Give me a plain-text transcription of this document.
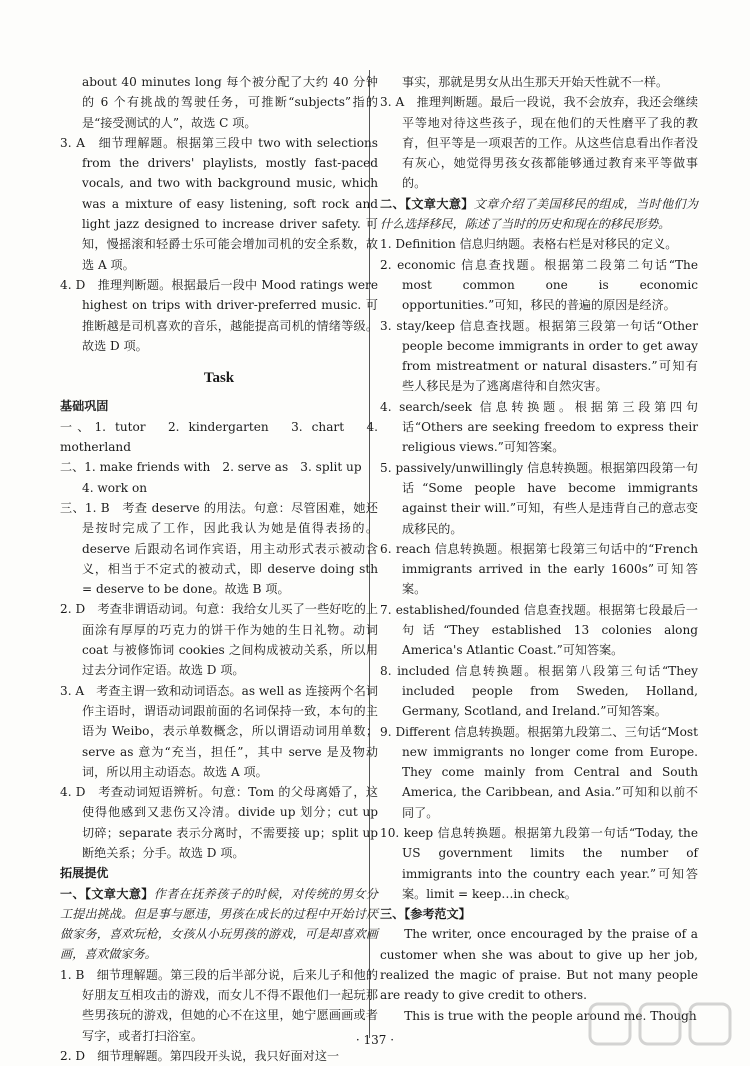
about 40 minutes long 每个被分配了大约 40 分钟的 6 个有挑战的驾驶任务，可推断“subjects”指的是“接受测试的人”，故选 C 项。

3. A　细节理解题。根据第三段中 two with selections from the drivers' playlists, mostly fast-paced vocals, and two with background music, which was a mixture of easy listening, soft rock and light jazz designed to increase driver safety. 可知，慢摇滚和轻爵士乐可能会增加司机的安全系数，故选 A 项。

4. D　推理判断题。根据最后一段中 Mood ratings were highest on trips with driver-preferred music. 可推断越是司机喜欢的音乐，越能提高司机的情绪等级。故选 D 项。

Task

基础巩固

一、1. tutor　2. kindergarten　3. chart　4. motherland

二、1. make friends with　2. serve as　3. split up

4. work on

三、1. B　考查 deserve 的用法。句意：尽管困难，她还是按时完成了工作，因此我认为她是值得表扬的。deserve 后跟动名词作宾语，用主动形式表示被动含义，相当于不定式的被动式，即 deserve doing sth = deserve to be done。故选 B 项。

2. D　考查非谓语动词。句意：我给女儿买了一些好吃的上面涂有厚厚的巧克力的饼干作为她的生日礼物。动词 coat 与被修饰词 cookies 之间构成被动关系，所以用过去分词作定语。故选 D 项。

3. A　考查主谓一致和动词语态。as well as 连接两个名词作主语时，谓语动词跟前面的名词保持一致，本句的主语为 Weibo，表示单数概念，所以谓语动词用单数；serve as 意为“充当，担任”，其中 serve 是及物动词，所以用主动语态。故选 A 项。

4. D　考查动词短语辨析。句意：Tom 的父母离婚了，这使得他感到又悲伤又冷清。divide up 划分；cut up 切碎；separate 表示分离时，不需要接 up；split up 断绝关系；分手。故选 D 项。

拓展提优

一、【文章大意】作者在抚养孩子的时候，对传统的男女分工提出挑战。但是事与愿违，男孩在成长的过程中开始讨厌做家务，喜欢玩枪，女孩从小玩男孩的游戏，可是却喜欢画画，喜欢做家务。

1. B　细节理解题。第三段的后半部分说，后来儿子和他的好朋友互相攻击的游戏，而女儿不得不跟他们一起玩那些男孩玩的游戏，但她的心不在这里，她宁愿画画或者写字，或者打扫浴室。

2. D　细节理解题。第四段开头说，我只好面对这一

事实，那就是男女从出生那天开始天性就不一样。

3. A　推理判断题。最后一段说，我不会放弃，我还会继续平等地对待这些孩子，现在他们的天性磨平了我的教育，但平等是一项艰苦的工作。从这些信息看出作者没有灰心，她觉得男孩女孩都能够通过教育来平等做事的。

二、【文章大意】文章介绍了美国移民的组成，当时他们为什么选择移民，陈述了当时的历史和现在的移民形势。

1. Definition 信息归纳题。表格右栏是对移民的定义。

2. economic 信息查找题。根据第二段第二句话“The most common one is economic opportunities.”可知，移民的普遍的原因是经济。

3. stay/keep 信息查找题。根据第三段第一句话“Other people become immigrants in order to get away from mistreatment or natural disasters.”可知有些人移民是为了逃离虐待和自然灾害。

4. search/seek 信息转换题。根据第三段第四句话“Others are seeking freedom to express their religious views.”可知答案。

5. passively/unwillingly 信息转换题。根据第四段第一句话“Some people have become immigrants against their will.”可知，有些人是违背自己的意志变成移民的。

6. reach 信息转换题。根据第七段第三句话中的“French immigrants arrived in the early 1600s”可知答案。

7. established/founded 信息查找题。根据第七段最后一句话“They established 13 colonies along America's Atlantic Coast.”可知答案。

8. included 信息转换题。根据第八段第三句话“They included people from Sweden, Holland, Germany, Scotland, and Ireland.”可知答案。

9. Different 信息转换题。根据第九段第二、三句话“Most new immigrants no longer come from Europe. They come mainly from Central and South America, the Caribbean, and Asia.”可知和以前不同了。

10. keep 信息转换题。根据第九段第一句话“Today, the US government limits the number of immigrants into the country each year.”可知答案。limit = keep…in check。

三、【参考范文】

The writer, once encouraged by the praise of a customer when she was about to give up her job, realized the magic of praise. But not many people are ready to give credit to others.

This is true with the people around me. Though

· 137 ·
